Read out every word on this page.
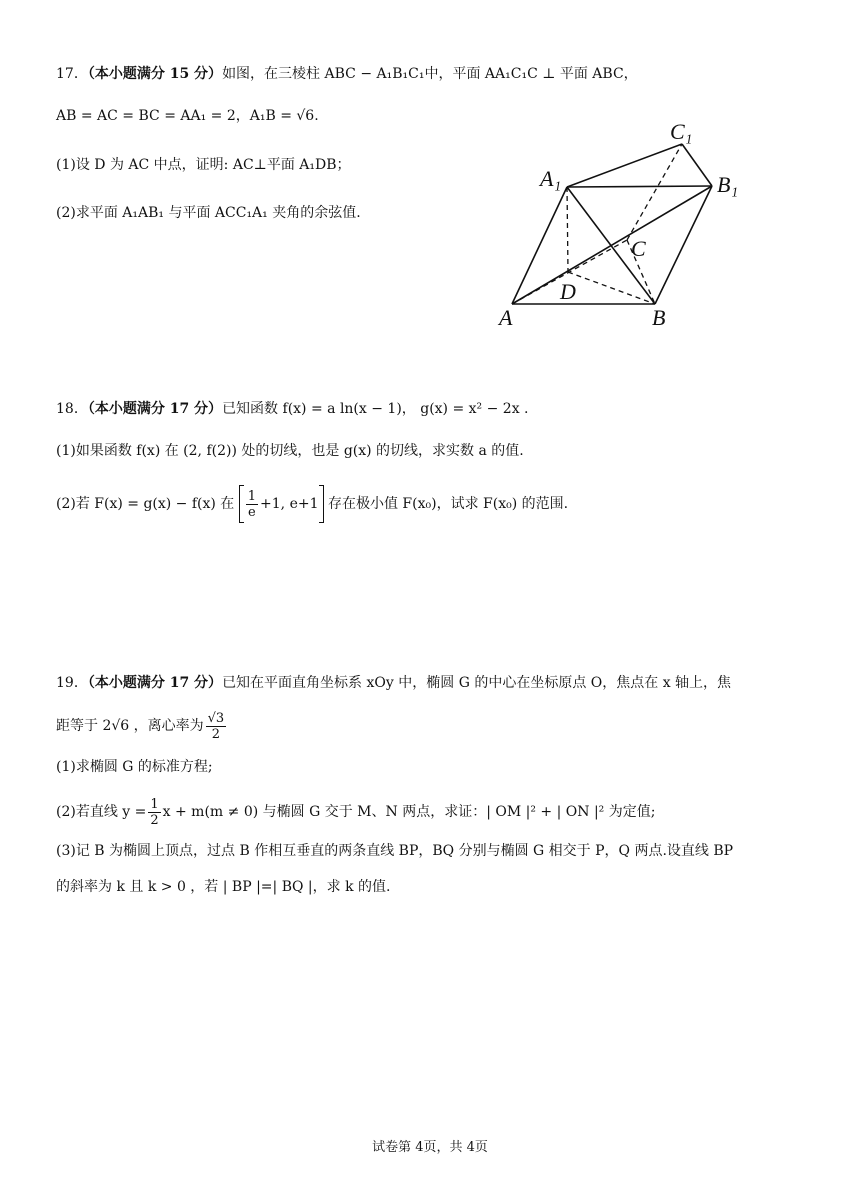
17．（本小题满分 15 分）如图，在三棱柱 ABC − A₁B₁C₁中，平面 AA₁C₁C ⊥ 平面 ABC，
AB = AC = BC = AA₁ = 2，A₁B = √6.
(1)设 D 为 AC 中点，证明: AC⊥平面 A₁DB；
(2)求平面 A₁AB₁ 与平面 ACC₁A₁ 夹角的余弦值.
C₁
A₁	B₁
C
D
A	B
18．（本小题满分 17 分）已知函数 f(x) = a ln(x − 1)， g(x) = x² − 2x .
(1)如果函数 f(x) 在 (2, f(2)) 处的切线，也是 g(x) 的切线，求实数 a 的值.
(2)若 F(x) = g(x) − f(x) 在 $\frac{1}{e} +1$, e+1 存在极小值 F(x₀)，试求 F(x₀) 的范围.
19．（本小题满分 17 分）已知在平面直角坐标系 xOy 中，椭圆 G 的中心在坐标原点 O，焦点在 x 轴上，焦
距等于 2√6 ，离心率为 $\frac{√3}{2}$
(1)求椭圆 G 的标准方程;
(2)若直线 $y = \frac{1}{2}$ x + m(m ≠ 0) 与椭圆 G 交于 M、N 两点，求证：| OM |² + | ON |² 为定值;
(3)记 B 为椭圆上顶点，过点 B 作相互垂直的两条直线 BP，BQ 分别与椭圆 G 相交于 P，Q 两点.设直线 BP
的斜率为 k 且 k > 0 ，若 | BP |=| BQ |，求 k 的值.
试卷第 4页，共 4页
